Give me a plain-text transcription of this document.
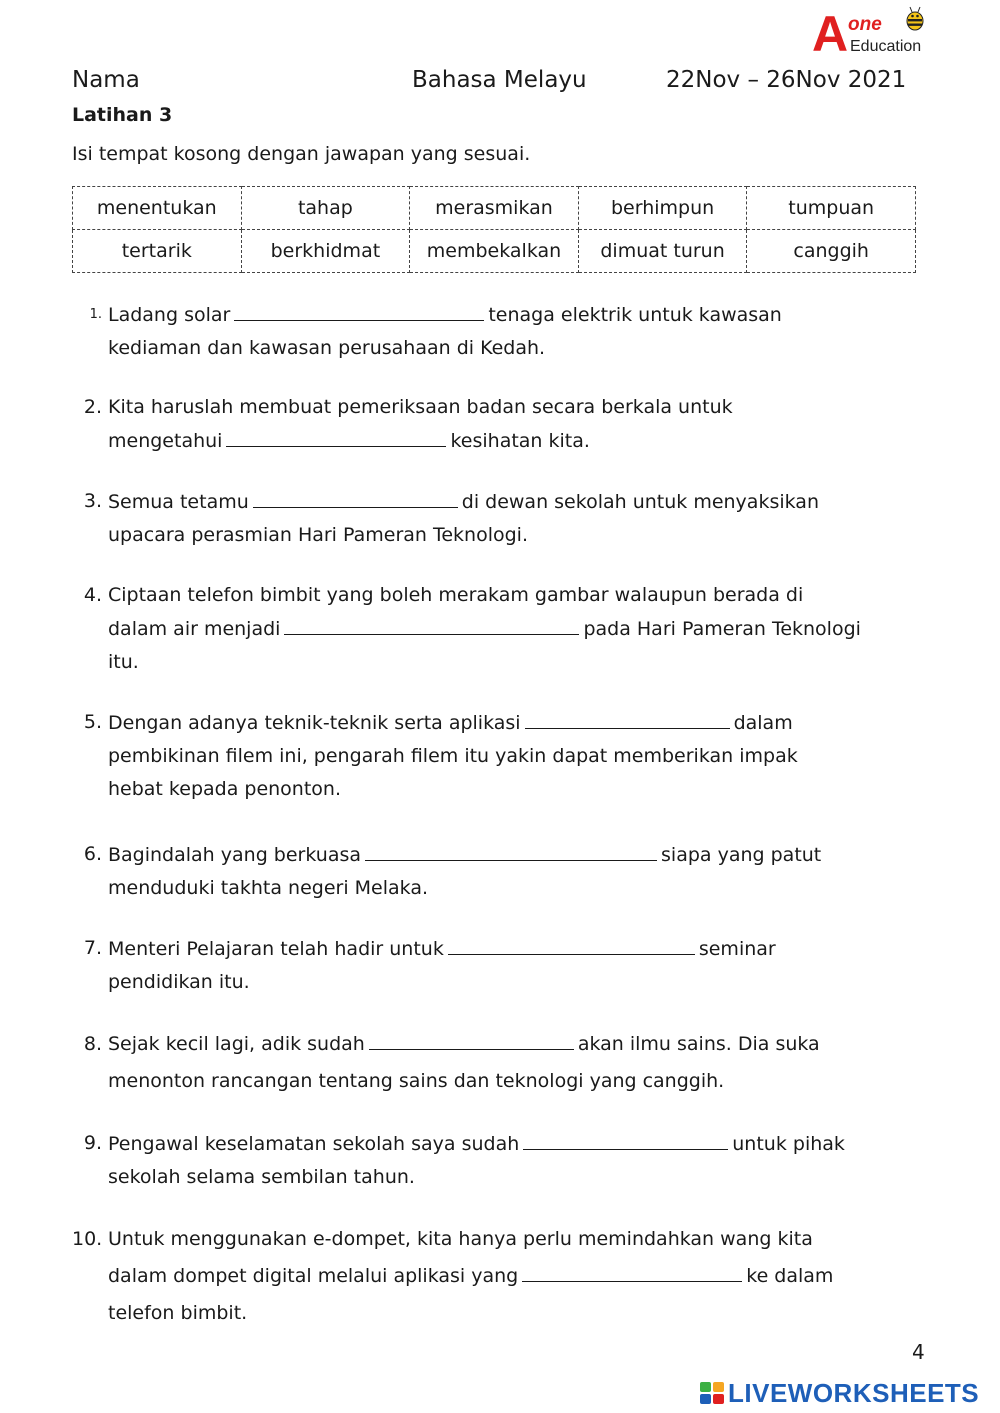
A one
Education
Nama	Bahasa Melayu	22Nov – 26Nov 2021
Latihan 3
Isi tempat kosong dengan jawapan yang sesuai.
menentukan	tahap	merasmikan	berhimpun	tumpuan
tertarik	berkhidmat	membekalkan	dimuat turun	canggih
1. Ladang solar	tenaga elektrik untuk kawasan
kediaman dan kawasan perusahaan di Kedah.
2. Kita haruslah membuat pemeriksaan badan secara berkala untuk
mengetahui	kesihatan kita.
3. Semua tetamu	di dewan sekolah untuk menyaksikan
upacara perasmian Hari Pameran Teknologi.
4. Ciptaan telefon bimbit yang boleh merakam gambar walaupun berada di
dalam air menjadi	pada Hari Pameran Teknologi
itu.
5. Dengan adanya teknik-teknik serta aplikasi	dalam
pembikinan filem ini, pengarah filem itu yakin dapat memberikan impak
hebat kepada penonton.
6. Bagindalah yang berkuasa	siapa yang patut
menduduki takhta negeri Melaka.
7. Menteri Pelajaran telah hadir untuk	seminar
pendidikan itu.
8. Sejak kecil lagi, adik sudah	akan ilmu sains. Dia suka
menonton rancangan tentang sains dan teknologi yang canggih.
9. Pengawal keselamatan sekolah saya sudah	untuk pihak
sekolah selama sembilan tahun.
10. Untuk menggunakan e-dompet, kita hanya perlu memindahkan wang kita
dalam dompet digital melalui aplikasi yang	ke dalam
telefon bimbit.
4
LIVEWORKSHEETS
